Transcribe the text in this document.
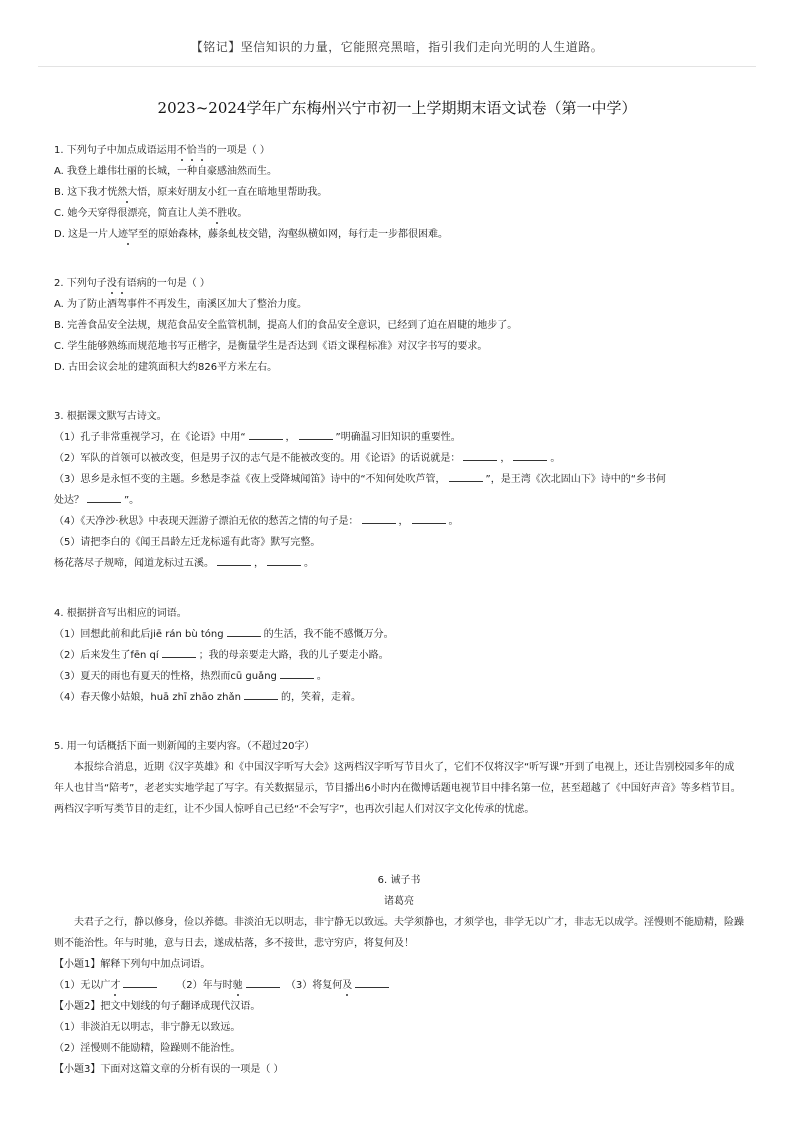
【铭记】坚信知识的力量，它能照亮黑暗，指引我们走向光明的人生道路。
2023~2024学年广东梅州兴宁市初一上学期期末语文试卷（第一中学）
1. 下列句子中加点成语运用不恰当的一项是（ ）
A. 我登上雄伟壮丽的长城，一种自豪感油然而生。
B. 这下我才恍然大悟，原来好朋友小红一直在暗地里帮助我。
C. 她今天穿得很漂亮，简直让人美不胜收。
D. 这是一片人迹罕至的原始森林，藤条虬枝交错，沟壑纵横如网，每行走一步都很困难。
2. 下列句子没有语病的一句是（ ）
A. 为了防止酒驾事件不再发生，南溪区加大了整治力度。
B. 完善食品安全法规，规范食品安全监管机制，提高人们的食品安全意识，已经到了迫在眉睫的地步了。
C. 学生能够熟练而规范地书写正楷字，是衡量学生是否达到《语文课程标准》对汉字书写的要求。
D. 古田会议会址的建筑面积大约826平方米左右。
3. 根据课文默写古诗文。
（1）孔子非常重视学习，在《论语》中用“	，	”明确温习旧知识的重要性。
（2）军队的首领可以被改变，但是男子汉的志气是不能被改变的。用《论语》的话说就是：	，	。
（3）思乡是永恒不变的主题。乡愁是李益《夜上受降城闻笛》诗中的“不知何处吹芦管，	”，是王湾《次北固山下》诗中的“乡书何
处达？	”。
（4）《天净沙·秋思》中表现天涯游子漂泊无依的愁苦之情的句子是：	，	。
（5）请把李白的《闻王昌龄左迁龙标遥有此寄》默写完整。
杨花落尽子规啼，闻道龙标过五溪。	，	。
4. 根据拼音写出相应的词语。
（1）回想此前和此后jiē rán bù tóng	的生活，我不能不感慨万分。
（2）后来发生了fēn qí	；我的母亲要走大路，我的儿子要走小路。
（3）夏天的雨也有夏天的性格，热烈而cū guǎng	。
（4）春天像小姑娘，huā zhī zhāo zhǎn	的，笑着，走着。
5. 用一句话概括下面一则新闻的主要内容。（不超过20字）
本报综合消息，近期《汉字英雄》和《中国汉字听写大会》这两档汉字听写节目火了，它们不仅将汉字“听写课”开到了电视上，还让告别校园多年的成年人也甘当“陪考”，老老实实地学起了写字。有关数据显示，节目播出6小时内在微博话题电视节目中排名第一位，甚至超越了《中国好声音》等多档节目。两档汉字听写类节目的走红，让不少国人惊呼自己已经“不会写字”，也再次引起人们对汉字文化传承的忧虑。
6. 诫子书
诸葛亮
夫君子之行，静以修身，俭以养德。非淡泊无以明志，非宁静无以致远。夫学须静也，才须学也，非学无以广才，非志无以成学。淫慢则不能励精，险躁则不能治性。年与时驰，意与日去，遂成枯落，多不接世，悲守穷庐，将复何及！
【小题1】解释下列句中加点词语。
（1）无以广才	（2）年与时驰	（3）将复何及
【小题2】把文中划线的句子翻译成现代汉语。
（1）非淡泊无以明志，非宁静无以致远。
（2）淫慢则不能励精，险躁则不能治性。
【小题3】下面对这篇文章的分析有误的一项是（ ）
